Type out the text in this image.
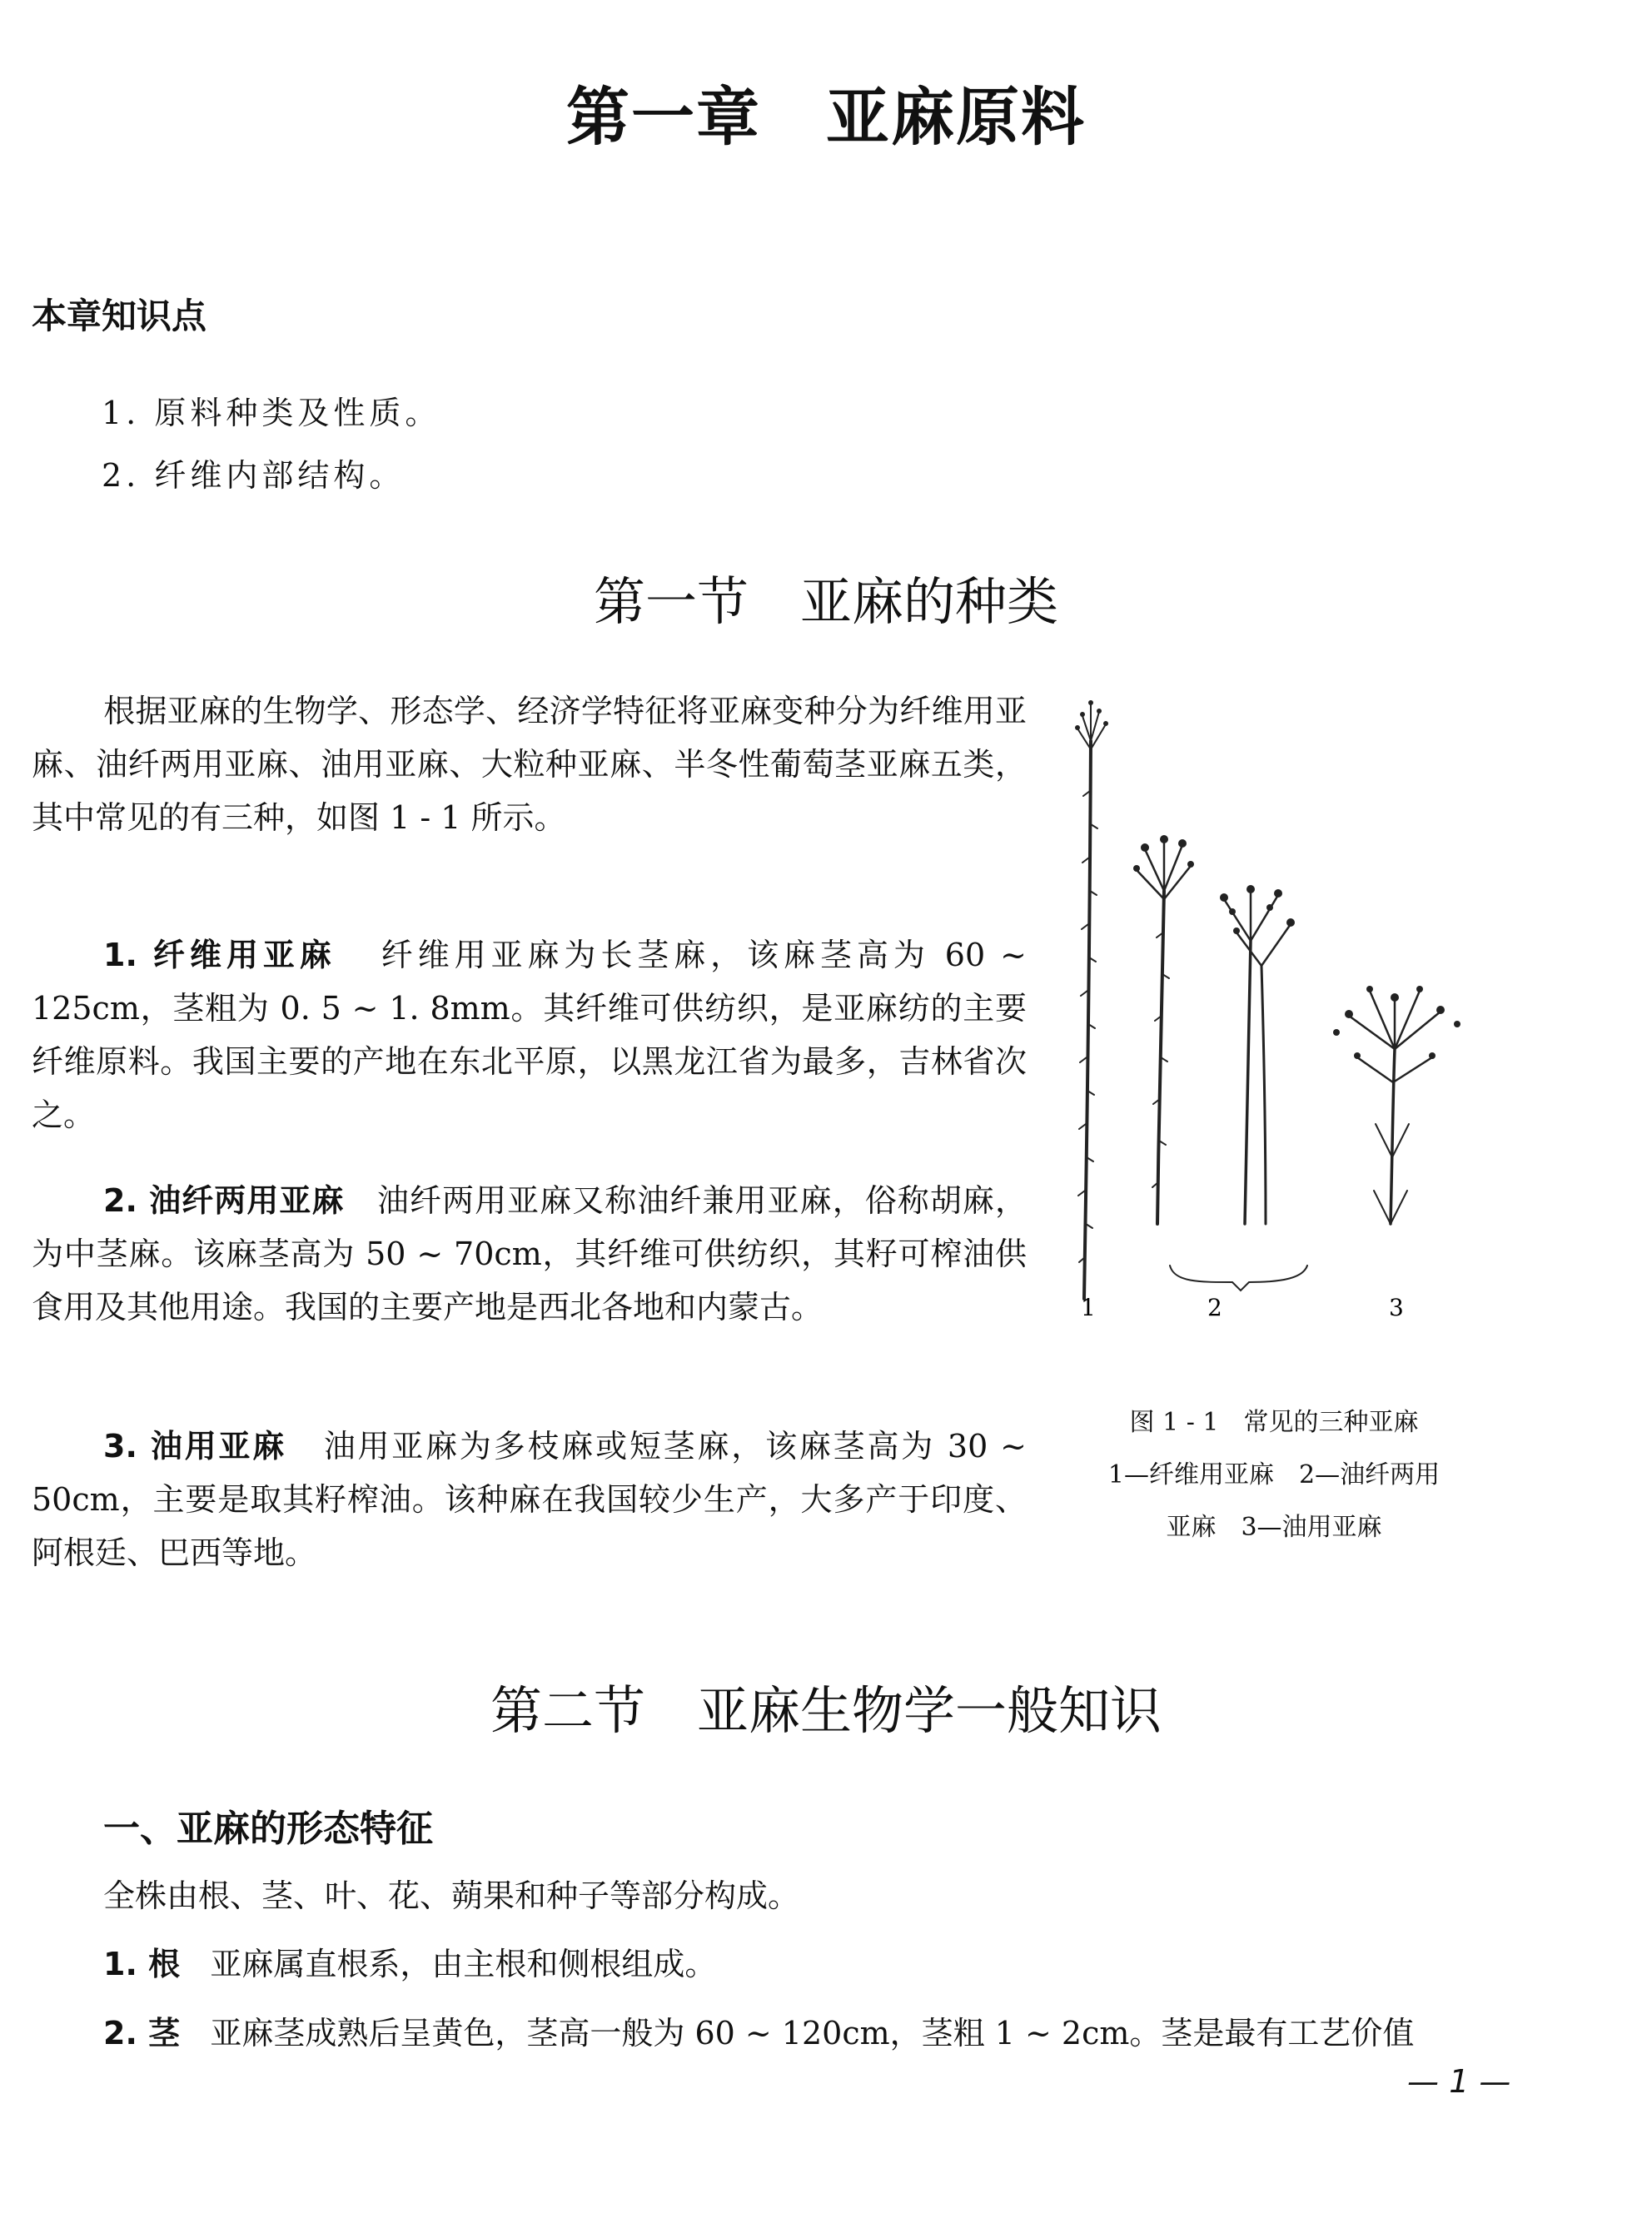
第一章　亚麻原料
本章知识点
1. 原料种类及性质。
2. 纤维内部结构。
第一节　亚麻的种类
根据亚麻的生物学、形态学、经济学特征将亚麻变种分为纤维用亚麻、油纤两用亚麻、油用亚麻、大粒种亚麻、半冬性葡萄茎亚麻五类，其中常见的有三种，如图 1 - 1 所示。
1. 纤维用亚麻 纤维用亚麻为长茎麻，该麻茎高为 60 ~ 125cm，茎粗为 0. 5 ~ 1. 8mm。其纤维可供纺织，是亚麻纺的主要纤维原料。我国主要的产地在东北平原，以黑龙江省为最多，吉林省次之。
2. 油纤两用亚麻 油纤两用亚麻又称油纤兼用亚麻，俗称胡麻，为中茎麻。该麻茎高为 50 ~ 70cm，其纤维可供纺织，其籽可榨油供食用及其他用途。我国的主要产地是西北各地和内蒙古。
3. 油用亚麻 油用亚麻为多枝麻或短茎麻，该麻茎高为 30 ~ 50cm，主要是取其籽榨油。该种麻在我国较少生产，大多产于印度、阿根廷、巴西等地。
1	2	3
图 1 - 1　常见的三种亚麻
1—纤维用亚麻　2—油纤两用
亚麻　3—油用亚麻
第二节　亚麻生物学一般知识
一、亚麻的形态特征
全株由根、茎、叶、花、蒴果和种子等部分构成。
1. 根 亚麻属直根系，由主根和侧根组成。
2. 茎 亚麻茎成熟后呈黄色，茎高一般为 60 ~ 120cm，茎粗 1 ~ 2cm。茎是最有工艺价值
— 1 —
